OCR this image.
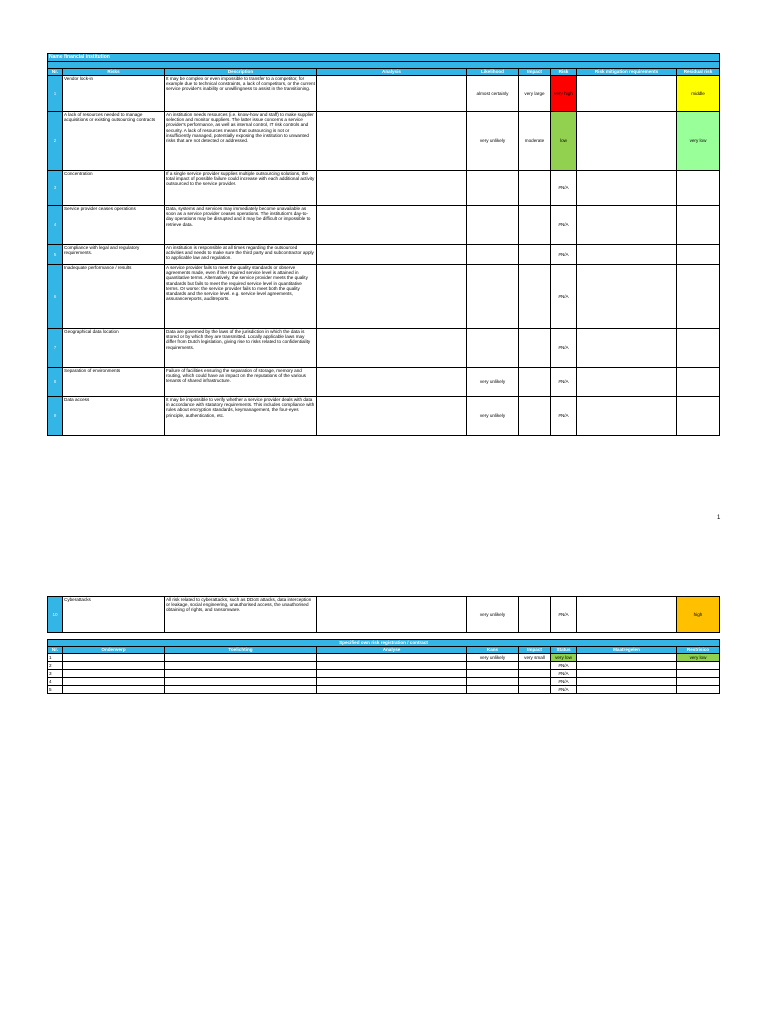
Name financial institution								

Nr.	Risks	Description	Analysis	Likelihood	Impact	Risk	Risk mitigation requirements	Residual risk
1	Vendor lock-in	It may be complex or even impossible to transfer to a competitor, for example due to technical constraints, a lack of competitors, or the current service provider's inability or unwillingness to assist in the transitioning.		almost certainly	very large	very high		middle
2	A lack of resources needed to manage acquisitions or existing outsourcing contracts	An institution needs resources (i.e. know-how and staff) to make supplier selection and monitor suppliers. The latter issue concerns a service provider's performance, as well as internal control, IT risk controls and security. A lack of resources means that outsourcing is not or insufficiently managed, potentially exposing the institution to unwanted risks that are not detected or addressed.		very unlikely	moderate	low		very low
3	Concentration	If a single service provider supplies multiple outsourcing solutions, the total impact of possible failure could increase with each additional activity outsourced to the service provider.				#N/A		
4	Service provider ceases operations	Data, systems and services may immediately become unavailable as soon as a service provider ceases operations. The institution's day-to-day operations may be disrupted and it may be difficult or impossible to retrieve data.				#N/A		
5	Compliance with legal and regulatory requirements.	An institution is responsible at all times regarding the outsourced activities and needs to make sure the third party and subcontractor apply to applicable law and regulation.				#N/A		
6	Inadequate performance / results	A service provider fails to meet the quality standards or observe agreements made, even if the required service level is attained in quantitative terms. Alternatively, the service provider meets the quality standards but fails to meet the required service level in quantitative terms. Or worse: the service provider fails to meet both the quality standards and the service level. e.g. service level agreements, assurancereports, auditreports.				#N/A		
7	Geographical data location	Data are governed by the laws of the jurisdiction in which the data is stored or by which they are transmitted. Locally applicable laws may differ from Dutch legislation, giving rise to risks related to confidentiality requirements.				#N/A		
8	Separation of environments	Failure of facilities ensuring the separation of storage, memory and routing, which could have an impact on the reputations of the various tenants of shared infrastructure.		very unlikely		#N/A		
9	Data access	It may be impossible to verify whether a service provider deals with data in accordance with statutory requirements. This includes compliance with rules about encryption standards, keymanagement, the four-eyes principle, authentication, etc.		very unlikely		#N/A		
1
10	Cyberattacks	All risk related to cyberattacks, such as DDoS attacks, data interception or leakage, social engineering, unauthorised access, the unauthorised obtaining of rights, and ransomware.		very unlikely		#N/A		high
Specified own risk registration / contract								
Nr.	Onderwerp	Toelichting	Analyse	Kans	Impact	Status	Maatregelen	Restrisico
1				very unlikely	very small	very low		very low
2						#N/A		
3						#N/A		
4						#N/A		
5						#N/A		
